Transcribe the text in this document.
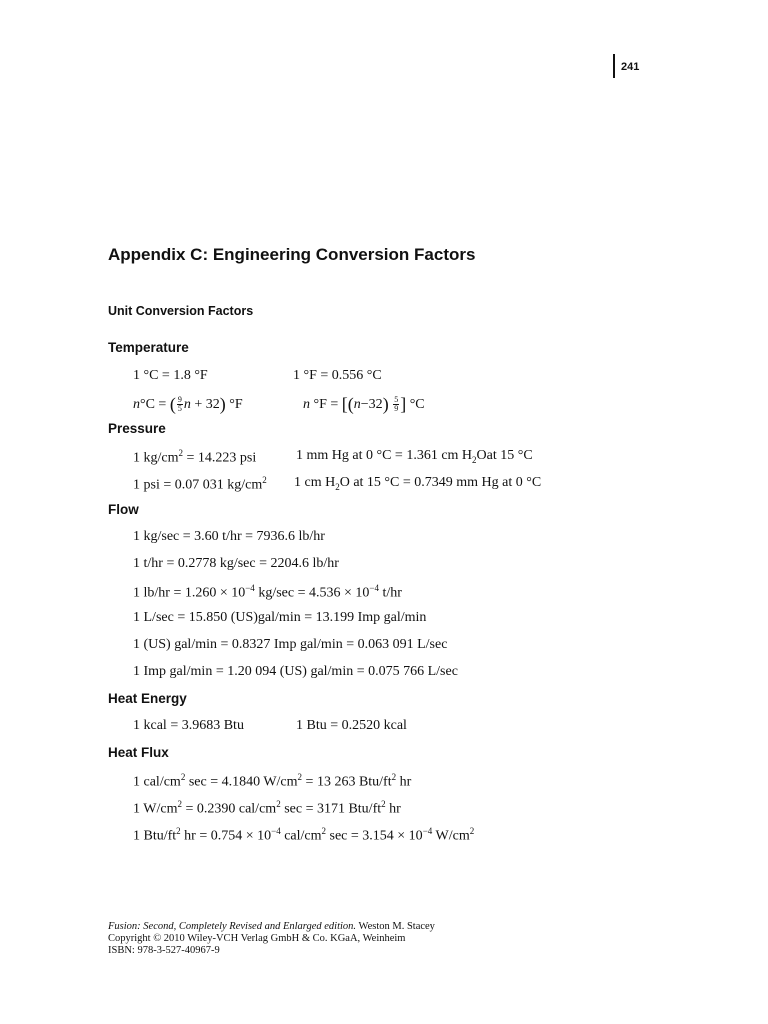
241
Appendix C: Engineering Conversion Factors
Unit Conversion Factors
Temperature
1 °C = 1.8 °F	1 °F = 0.556 °C
n°C = ( $\frac{9}{5}$ n + 32) °F	n $^\circ F = [(n-32) \frac{5}{9}$ ] °C
Pressure
1 $kg/cm^2 = 14.223$ psi	1 mm Hg at 0 °C = 1.361 cm $H_2Oat$ 15 °C
1 psi = 0.07 031 $kg/cm^2$ 1 cm $H_2O$ at 15 °C = 0.7349 mm Hg at 0 °C
Flow
1 kg/sec = 3.60 t/hr = 7936.6 lb/hr
1 t/hr = 0.2778 kg/sec = 2204.6 lb/hr
1 $lb/hr = 1.260 \times 10^{-4}$ $kg/\sec = 4.536 \times 10^{-4}$ t/hr
1 L/sec = 15.850 (US)gal/min = 13.199 Imp gal/min
1 (US) gal/min = 0.8327 Imp gal/min = 0.063 091 L/sec
1 Imp gal/min = 1.20 094 (US) gal/min = 0.075 766 L/sec
Heat Energy
1 kcal = 3.9683 Btu	1 Btu = 0.2520 kcal
Heat Flux
1 cal/$cm^2$ sec = 4.1840 $W/cm^2 = 13$ 263 Btu/$ft^2$ hr
1 $W/cm^2 = 0.2390$ cal/$cm^2$ sec = 3171 Btu/$ft^2$ hr
1 Btu/$ft^2$ hr = $0.754 \times 10^{-4}$ cal/$cm^2$ $\sec = 3.154 \times 10^{-4}$ $W/cm^2$
Fusion: Second, Completely Revised and Enlarged edition. Weston M. Stacey
Copyright © 2010 Wiley-VCH Verlag GmbH & Co. KGaA, Weinheim
ISBN: 978-3-527-40967-9
